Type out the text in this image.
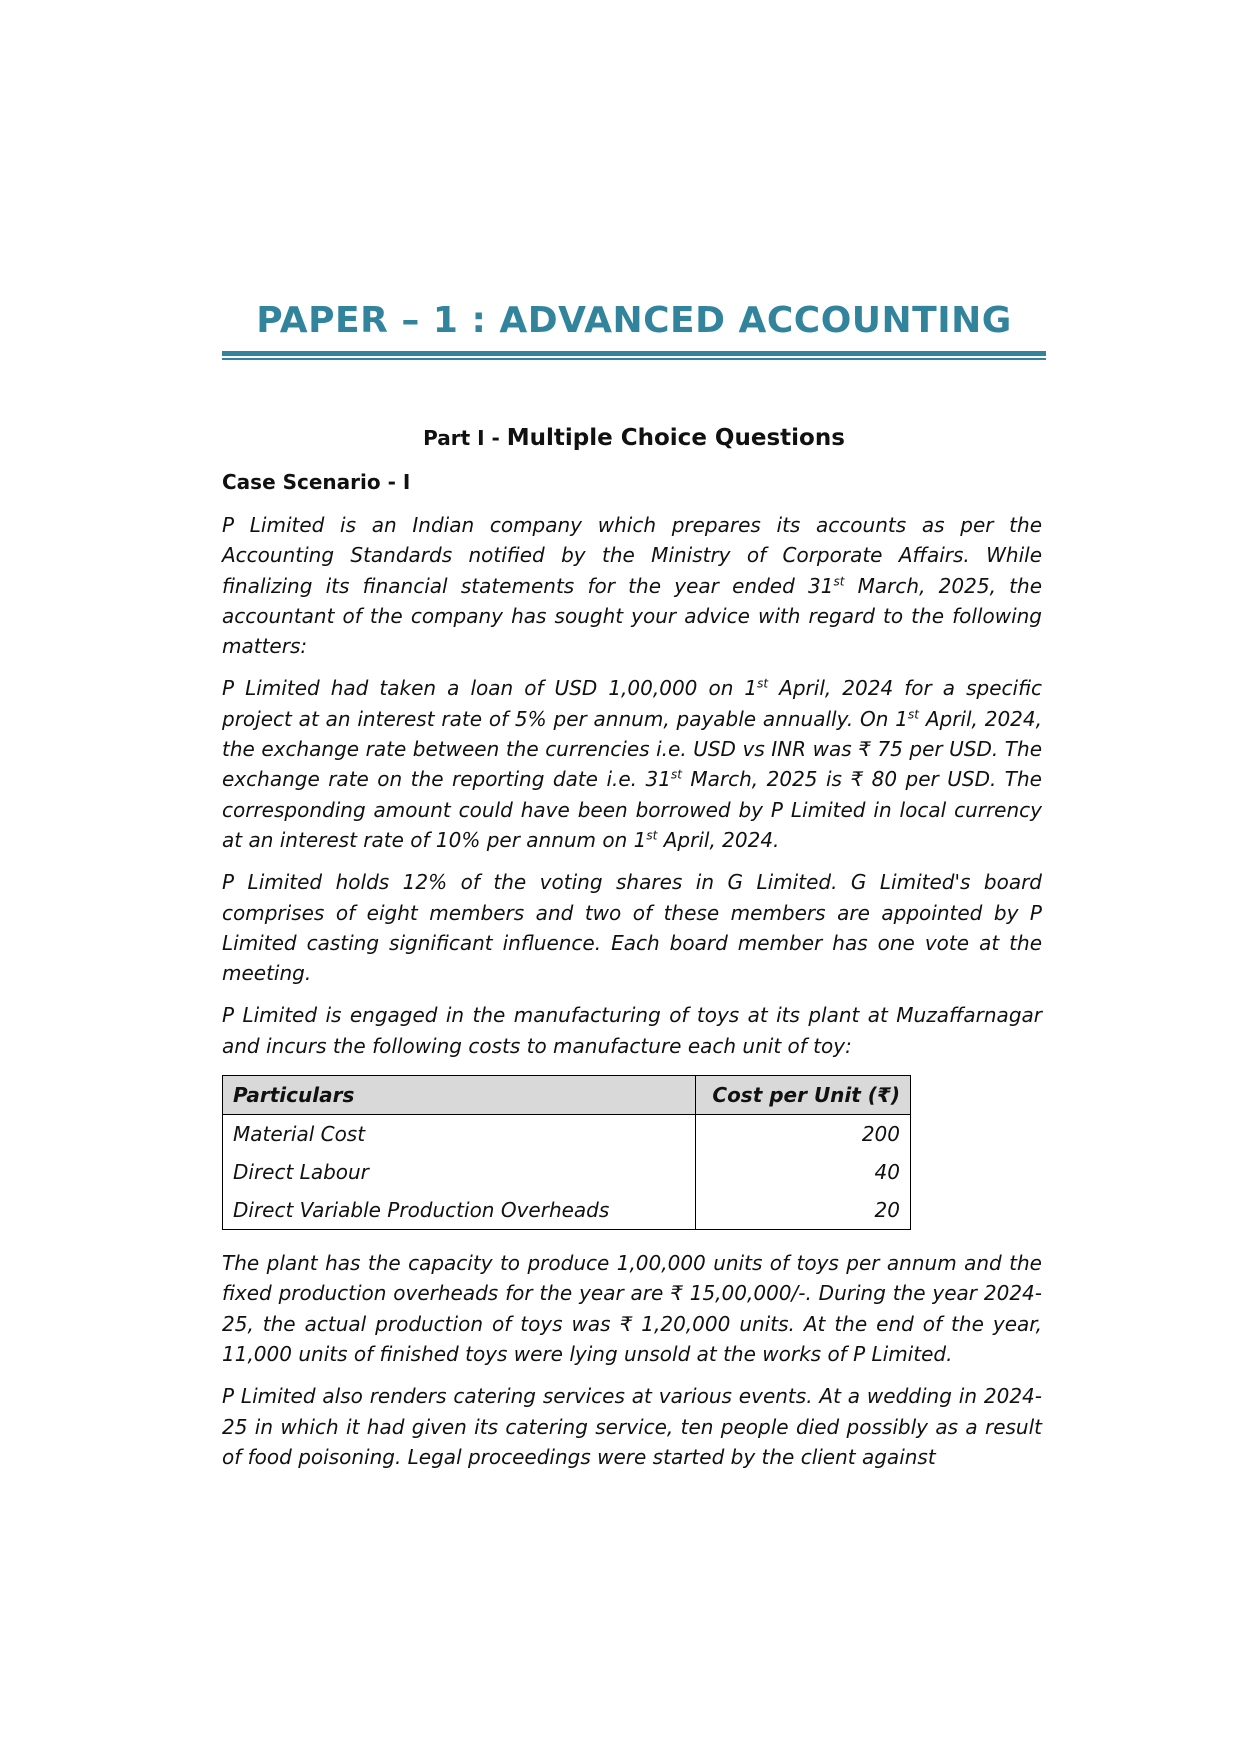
PAPER – 1 : ADVANCED ACCOUNTING
Part I - Multiple Choice Questions
Case Scenario - I

P Limited is an Indian company which prepares its accounts as per the Accounting Standards notified by the Ministry of Corporate Affairs. While finalizing its financial statements for the year ended 31st March, 2025, the accountant of the company has sought your advice with regard to the following matters:

P Limited had taken a loan of USD 1,00,000 on 1st April, 2024 for a specific project at an interest rate of 5% per annum, payable annually. On 1st April, 2024, the exchange rate between the currencies i.e. USD vs INR was ₹ 75 per USD. The exchange rate on the reporting date i.e. 31st March, 2025 is ₹ 80 per USD. The corresponding amount could have been borrowed by P Limited in local currency at an interest rate of 10% per annum on 1st April, 2024.

P Limited holds 12% of the voting shares in G Limited. G Limited's board comprises of eight members and two of these members are appointed by P Limited casting significant influence. Each board member has one vote at the meeting.

P Limited is engaged in the manufacturing of toys at its plant at Muzaffarnagar and incurs the following costs to manufacture each unit of toy:

Particulars	Cost per Unit (₹)
Material Cost	200
Direct Labour	40
Direct Variable Production Overheads	20

The plant has the capacity to produce 1,00,000 units of toys per annum and the fixed production overheads for the year are ₹ 15,00,000/-. During the year 2024-25, the actual production of toys was ₹ 1,20,000 units. At the end of the year, 11,000 units of finished toys were lying unsold at the works of P Limited.

P Limited also renders catering services at various events. At a wedding in 2024-25 in which it had given its catering service, ten people died possibly as a result of food poisoning. Legal proceedings were started by the client against
